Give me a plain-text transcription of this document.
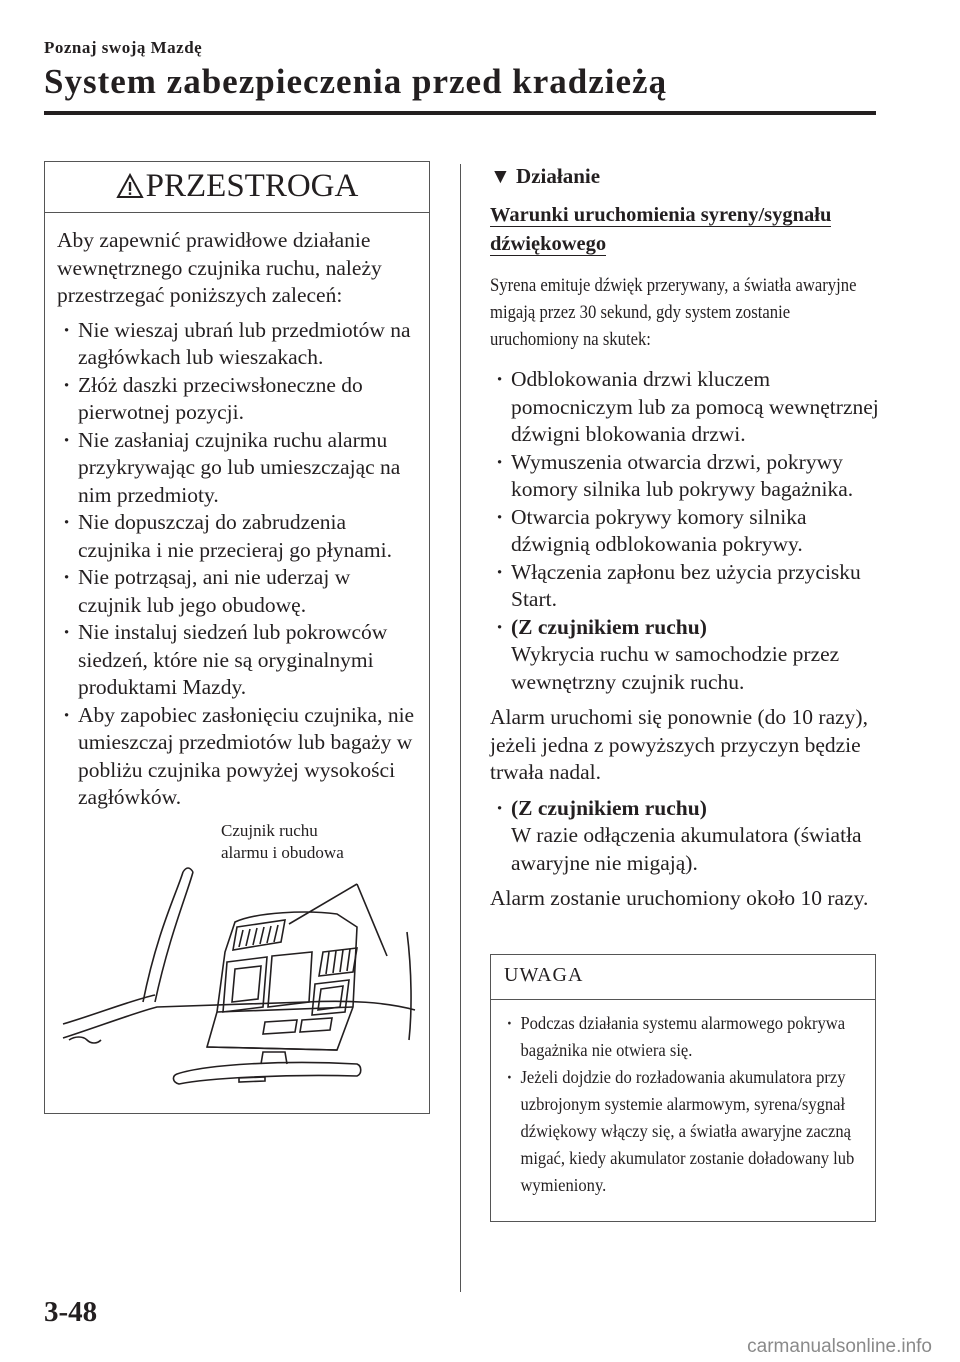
Poznaj swoją Mazdę
System zabezpieczenia przed kradzieżą
PRZESTROGA

Aby zapewnić prawidłowe działanie wewnętrznego czujnika ruchu, należy przestrzegać poniższych zaleceń:

· Nie wieszaj ubrań lub przedmiotów na zagłówkach lub wieszakach.
· Złóż daszki przeciwsłoneczne do pierwotnej pozycji.
· Nie zasłaniaj czujnika ruchu alarmu przykrywając go lub umieszczając na nim przedmioty.
· Nie dopuszczaj do zabrudzenia czujnika i nie przecieraj go płynami.
· Nie potrząsaj, ani nie uderzaj w czujnik lub jego obudowę.
· Nie instaluj siedzeń lub pokrowców siedzeń, które nie są oryginalnymi produktami Mazdy.
· Aby zapobiec zasłonięciu czujnika, nie umieszczaj przedmiotów lub bagaży w pobliżu czujnika powyżej wysokości zagłówków.
Czujnik ruchu
alarmu i obudowa
▼ Działanie
Warunki uruchomienia syreny/sygnału dźwiękowego
Syrena emituje dźwięk przerywany, a światła awaryjne migają przez 30 sekund, gdy system zostanie uruchomiony na skutek:
· Odblokowania drzwi kluczem pomocniczym lub za pomocą wewnętrznej dźwigni blokowania drzwi.
· Wymuszenia otwarcia drzwi, pokrywy komory silnika lub pokrywy bagażnika.
· Otwarcia pokrywy komory silnika dźwignią odblokowania pokrywy.
· Włączenia zapłonu bez użycia przycisku Start.
· (Z czujnikiem ruchu)
Wykrycia ruchu w samochodzie przez wewnętrzny czujnik ruchu.

Alarm uruchomi się ponownie (do 10 razy), jeżeli jedna z powyższych przyczyn będzie trwała nadal.

· (Z czujnikiem ruchu)
W razie odłączenia akumulatora (światła awaryjne nie migają).

Alarm zostanie uruchomiony około 10 razy.

UWAGA
· Podczas działania systemu alarmowego pokrywa bagażnika nie otwiera się.
· Jeżeli dojdzie do rozładowania akumulatora przy uzbrojonym systemie alarmowym, syrena/sygnał dźwiękowy włączy się, a światła awaryjne zaczną migać, kiedy akumulator zostanie doładowany lub wymieniony.
3-48
carmanualsonline.info
